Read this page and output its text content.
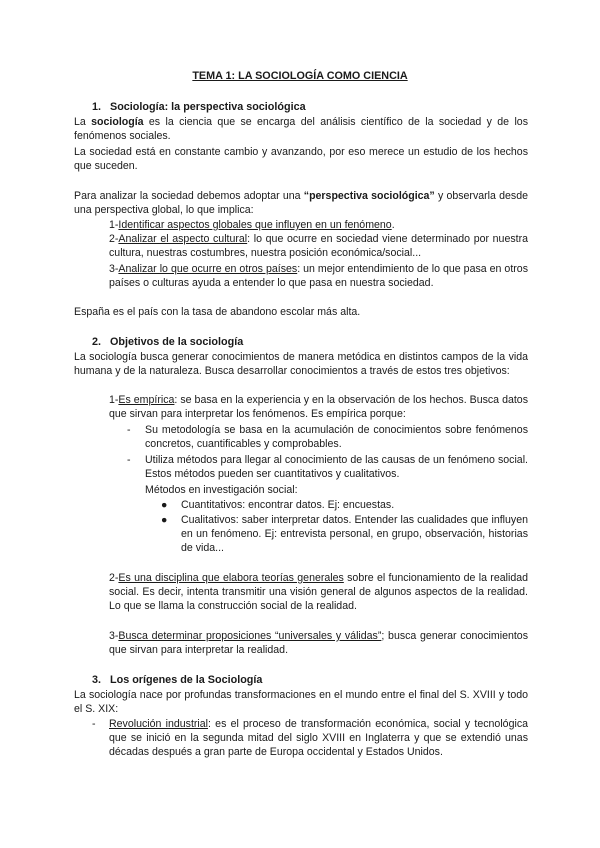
TEMA 1: LA SOCIOLOGÍA COMO CIENCIA
1. Sociología: la perspectiva sociológica
La sociología es la ciencia que se encarga del análisis científico de la sociedad y de los fenómenos sociales.
La sociedad está en constante cambio y avanzando, por eso merece un estudio de los hechos que suceden.
Para analizar la sociedad debemos adoptar una “perspectiva sociológica” y observarla desde una perspectiva global, lo que implica:
1-Identificar aspectos globales que influyen en un fenómeno.
2-Analizar el aspecto cultural: lo que ocurre en sociedad viene determinado por nuestra cultura, nuestras costumbres, nuestra posición económica/social...
3-Analizar lo que ocurre en otros países: un mejor entendimiento de lo que pasa en otros países o culturas ayuda a entender lo que pasa en nuestra sociedad.
España es el país con la tasa de abandono escolar más alta.
2. Objetivos de la sociología
La sociología busca generar conocimientos de manera metódica en distintos campos de la vida humana y de la naturaleza. Busca desarrollar conocimientos a través de estos tres objetivos:
1-Es empírica: se basa en la experiencia y en la observación de los hechos. Busca datos que sirvan para interpretar los fenómenos. Es empírica porque:
-	Su metodología se basa en la acumulación de conocimientos sobre fenómenos concretos, cuantificables y comprobables.
-	Utiliza métodos para llegar al conocimiento de las causas de un fenómeno social. Estos métodos pueden ser cuantitativos y cualitativos.
Métodos en investigación social:
●	Cuantitativos: encontrar datos. Ej: encuestas.
●	Cualitativos: saber interpretar datos. Entender las cualidades que influyen en un fenómeno. Ej: entrevista personal, en grupo, observación, historias de vida...
2-Es una disciplina que elabora teorías generales sobre el funcionamiento de la realidad social. Es decir, intenta transmitir una visión general de algunos aspectos de la realidad. Lo que se llama la construcción social de la realidad.
3-Busca determinar proposiciones “universales y válidas”; busca generar conocimientos que sirvan para interpretar la realidad.
3. Los orígenes de la Sociología
La sociología nace por profundas transformaciones en el mundo entre el final del S. XVIII y todo el S. XIX:
-	Revolución industrial: es el proceso de transformación económica, social y tecnológica que se inició en la segunda mitad del siglo XVIII en Inglaterra y que se extendió unas décadas después a gran parte de Europa occidental y Estados Unidos.
